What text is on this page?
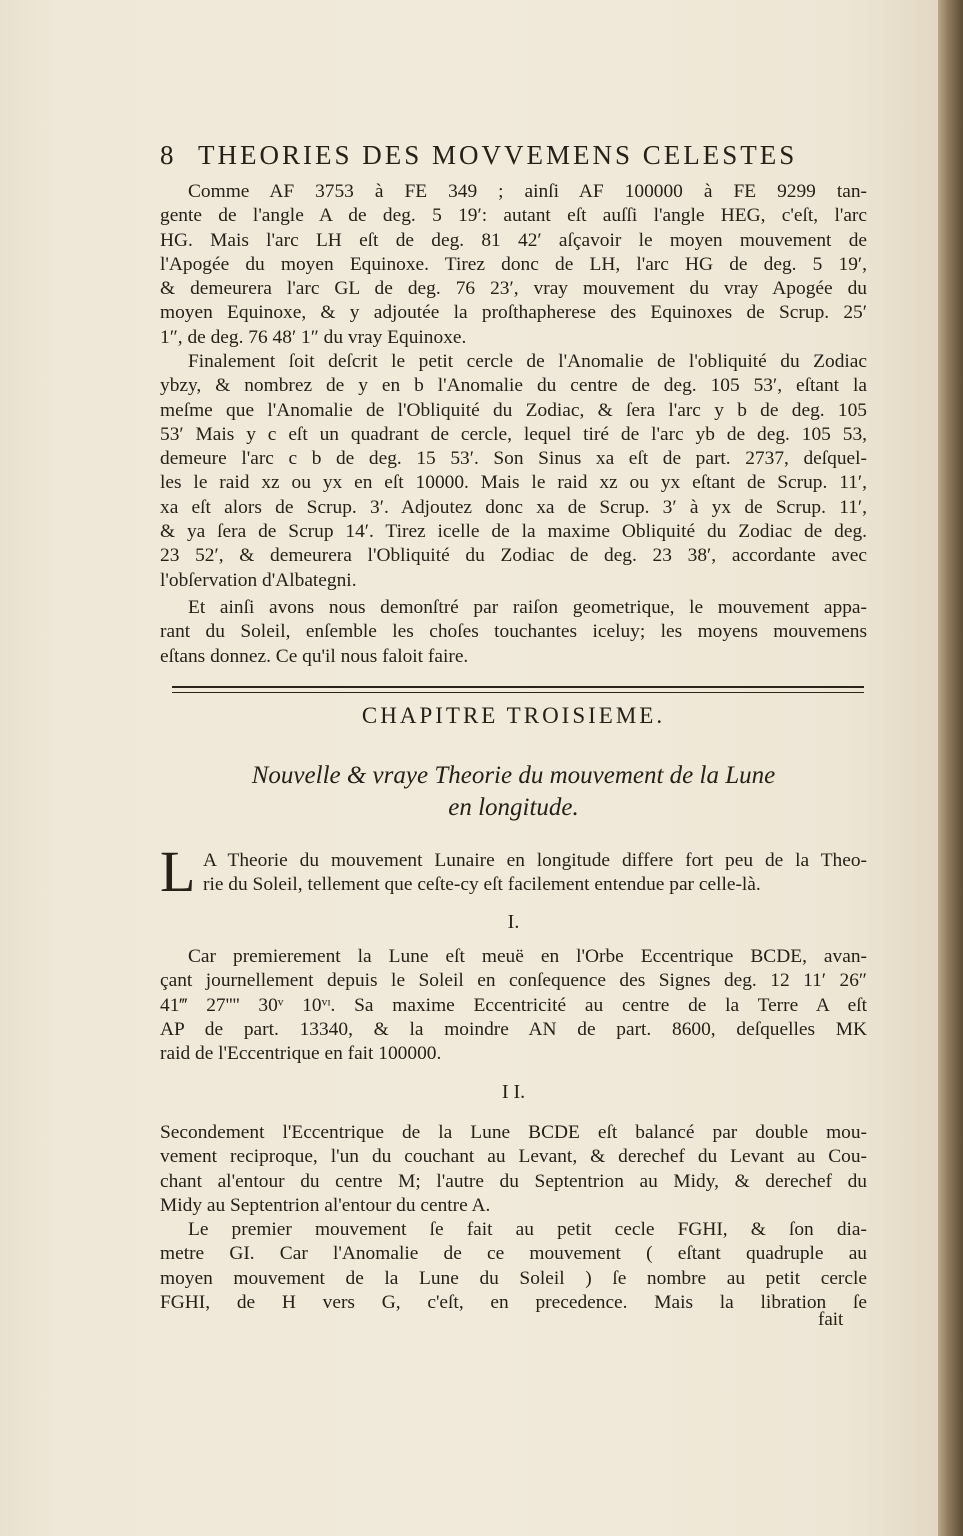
8 THEORIES DES MOVVEMENS CELESTES
Comme AF 3753 à FE 349 ; ainſi AF 100000 à FE 9299 tan-
gente de l'angle A de deg. 5 19′: autant eſt auſſi l'angle HEG, c'eſt, l'arc
HG. Mais l'arc LH eſt de deg. 81 42′ aſçavoir le moyen mouvement de
l'Apogée du moyen Equinoxe. Tirez donc de LH, l'arc HG de deg. 5 19′,
& demeurera l'arc GL de deg. 76 23′, vray mouvement du vray Apogée du
moyen Equinoxe, & y adjoutée la proſthapherese des Equinoxes de Scrup. 25′
1″, de deg. 76 48′ 1″ du vray Equinoxe.
Finalement ſoit deſcrit le petit cercle de l'Anomalie de l'obliquité du Zodiac
ybzy, & nombrez de y en b l'Anomalie du centre de deg. 105 53′, eſtant la
meſme que l'Anomalie de l'Obliquité du Zodiac, & ſera l'arc y b de deg. 105
53′ Mais y c eſt un quadrant de cercle, lequel tiré de l'arc yb de deg. 105 53,
demeure l'arc c b de deg. 15 53′. Son Sinus xa eſt de part. 2737, deſquel-
les le raid xz ou yx en eſt 10000. Mais le raid xz ou yx eſtant de Scrup. 11′,
xa eſt alors de Scrup. 3′. Adjoutez donc xa de Scrup. 3′ à yx de Scrup. 11′,
& ya ſera de Scrup 14′. Tirez icelle de la maxime Obliquité du Zodiac de deg.
23 52′, & demeurera l'Obliquité du Zodiac de deg. 23 38′, accordante avec
l'obſervation d'Albategni.
Et ainſi avons nous demonſtré par raiſon geometrique, le mouvement appa-
rant du Soleil, enſemble les choſes touchantes iceluy; les moyens mouvemens
eſtans donnez. Ce qu'il nous faloit faire.
CHAPITRE TROISIEME.
Nouvelle & vraye Theorie du mouvement de la Lune
en longitude.
L A Theorie du mouvement Lunaire en longitude differe fort peu de la Theo-
rie du Soleil, tellement que ceſte-cy eſt facilement entendue par celle-là.
I.
Car premierement la Lune eſt meuë en l'Orbe Eccentrique BCDE, avan-
çant journellement depuis le Soleil en conſequence des Signes deg. 12 11′ 26″
41‴ 27'''' 30ᵛ 10ᵛᶦ. Sa maxime Eccentricité au centre de la Terre A eſt
AP de part. 13340, & la moindre AN de part. 8600, deſquelles MK
raid de l'Eccentrique en fait 100000.
I I.
Secondement l'Eccentrique de la Lune BCDE eſt balancé par double mou-
vement reciproque, l'un du couchant au Levant, & derechef du Levant au Cou-
chant al'entour du centre M; l'autre du Septentrion au Midy, & derechef du
Midy au Septentrion al'entour du centre A.
Le premier mouvement ſe fait au petit cecle FGHI, & ſon dia-
metre GI. Car l'Anomalie de ce mouvement ( eſtant quadruple au
moyen mouvement de la Lune du Soleil ) ſe nombre au petit cercle
FGHI, de H vers G, c'eſt, en precedence. Mais la libration ſe
fait
